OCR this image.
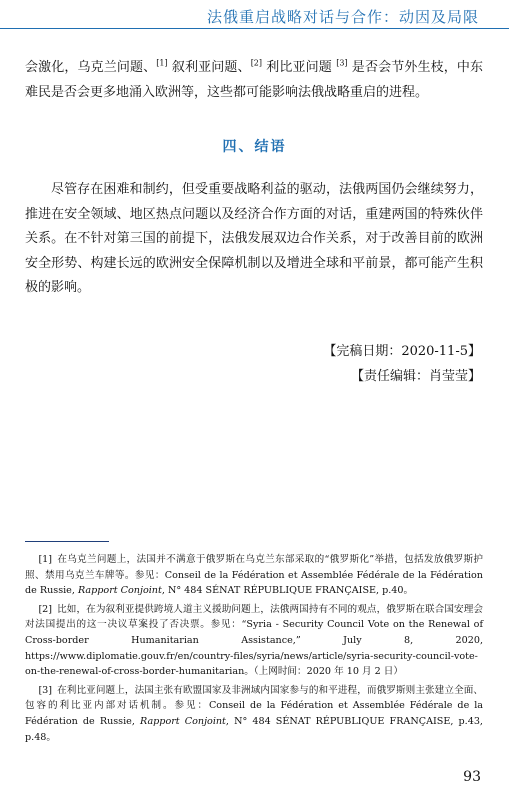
法俄重启战略对话与合作：动因及局限

会激化，乌克兰问题、[1] 叙利亚问题、[2] 利比亚问题 [3] 是否会节外生枝，中东难民是否会更多地涌入欧洲等，这些都可能影响法俄战略重启的进程。

四、结语

尽管存在困难和制约，但受重要战略利益的驱动，法俄两国仍会继续努力，推进在安全领域、地区热点问题以及经济合作方面的对话，重建两国的特殊伙伴关系。在不针对第三国的前提下，法俄发展双边合作关系，对于改善目前的欧洲安全形势、构建长远的欧洲安全保障机制以及增进全球和平前景，都可能产生积极的影响。

【完稿日期：2020-11-5】
【责任编辑：肖莹莹】

[1] 在乌克兰问题上，法国并不满意于俄罗斯在乌克兰东部采取的“俄罗斯化”举措，包括发放俄罗斯护照、禁用乌克兰车牌等。参见：Conseil de la Fédération et Assemblée Fédérale de la Fédération de Russie, Rapport Conjoint, N° 484 SÉNAT RÉPUBLIQUE FRANÇAISE, p.40。

[2] 比如，在为叙利亚提供跨境人道主义援助问题上，法俄两国持有不同的观点，俄罗斯在联合国安理会对法国提出的这一决议草案投了否决票。参见：“Syria - Security Council Vote on the Renewal of Cross-border Humanitarian Assistance,” July 8, 2020, https://www.diplomatie.gouv.fr/en/country-files/syria/news/article/syria-security-council-vote-on-the-renewal-of-cross-border-humanitarian。（上网时间：2020 年 10 月 2 日）

[3] 在利比亚问题上，法国主张有欧盟国家及非洲域内国家参与的和平进程，而俄罗斯则主张建立全面、包容的利比亚内部对话机制。参见：Conseil de la Fédération et Assemblée Fédérale de la Fédération de Russie, Rapport Conjoint, N° 484 SÉNAT RÉPUBLIQUE FRANÇAISE, p.43, p.48。

93
